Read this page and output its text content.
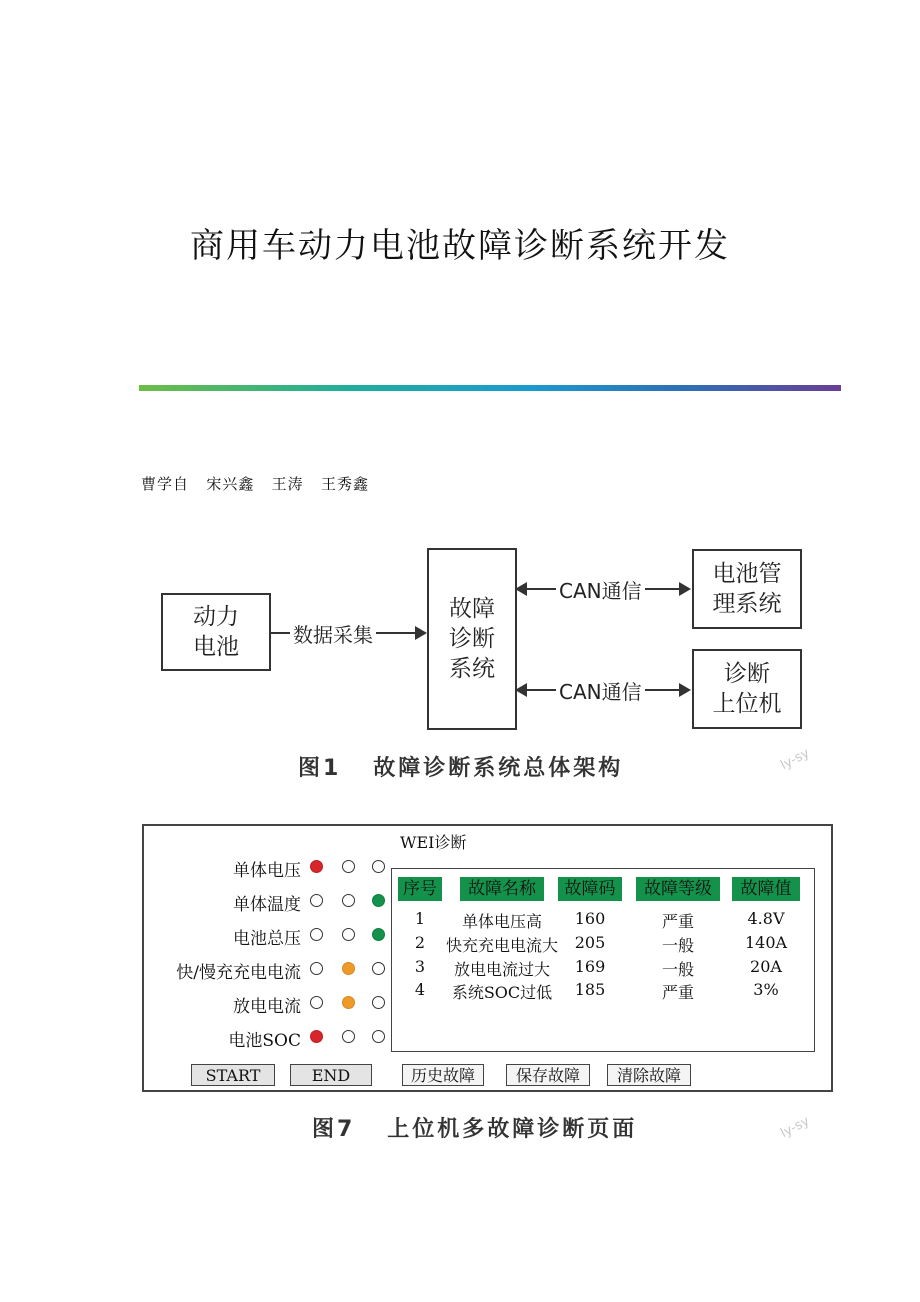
商用车动力电池故障诊断系统开发
曹学自 宋兴鑫 王涛 王秀鑫
动力
电池
故障
诊断
系统
电池管
理系统
诊断
上位机
数据采集
CAN通信
CAN通信
图1   故障诊断系统总体架构	ly-sy
WEI诊断
单体电压
单体温度
电池总压
快/慢充充电电流
放电电流
电池SOC
序号	故障名称	故障码	故障等级	故障值
1	单体电压高	160	严重	4.8V
2	快充充电电流大	205	一般	140A
3	放电电流过大	169	一般	20A
4	系统SOC过低	185	严重	3%
START	END	历史故障	保存故障	清除故障
图7   上位机多故障诊断页面	ly-sy
